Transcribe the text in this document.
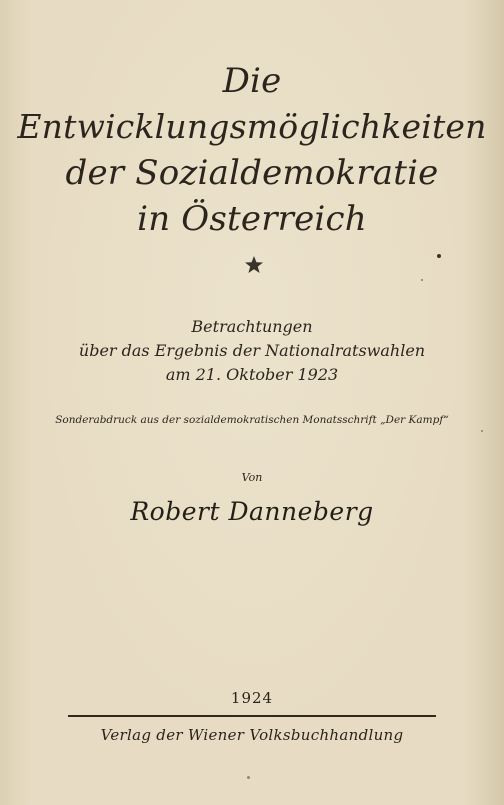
Die
Entwicklungsmöglichkeiten
der Sozialdemokratie
in Österreich
Betrachtungen
über das Ergebnis der Nationalratswahlen
am 21. Oktober 1923
Sonderabdruck aus der sozialdemokratischen Monatsschrift „Der Kampf“
Von
Robert Danneberg
1924
Verlag der Wiener Volksbuchhandlung
